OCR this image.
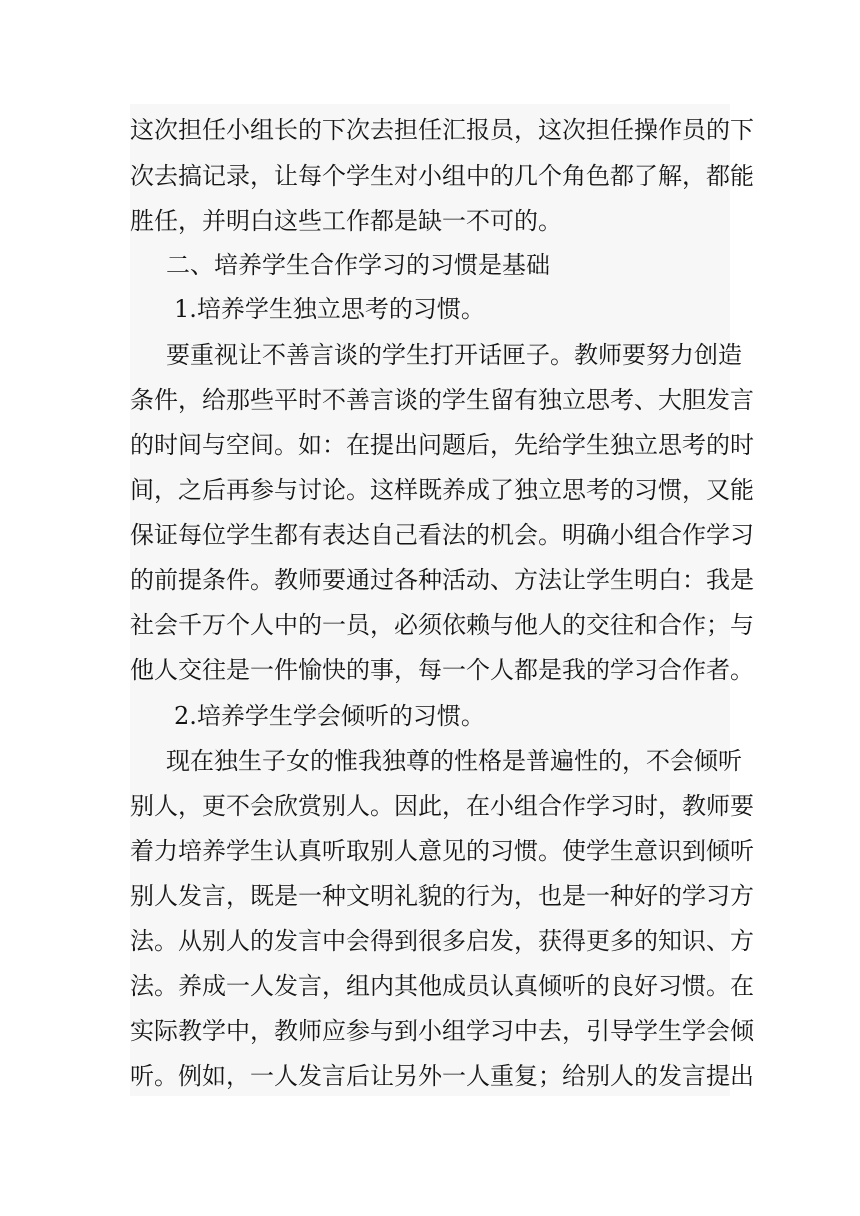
这次担任小组长的下次去担任汇报员，这次担任操作员的下
次去搞记录，让每个学生对小组中的几个角色都了解，都能
胜任，并明白这些工作都是缺一不可的。
二、培养学生合作学习的习惯是基础
1.培养学生独立思考的习惯。
要重视让不善言谈的学生打开话匣子。教师要努力创造
条件，给那些平时不善言谈的学生留有独立思考、大胆发言
的时间与空间。如：在提出问题后，先给学生独立思考的时
间，之后再参与讨论。这样既养成了独立思考的习惯，又能
保证每位学生都有表达自己看法的机会。明确小组合作学习
的前提条件。教师要通过各种活动、方法让学生明白：我是
社会千万个人中的一员，必须依赖与他人的交往和合作；与
他人交往是一件愉快的事，每一个人都是我的学习合作者。
2.培养学生学会倾听的习惯。
现在独生子女的惟我独尊的性格是普遍性的，不会倾听
别人，更不会欣赏别人。因此，在小组合作学习时，教师要
着力培养学生认真听取别人意见的习惯。使学生意识到倾听
别人发言，既是一种文明礼貌的行为，也是一种好的学习方
法。从别人的发言中会得到很多启发，获得更多的知识、方
法。养成一人发言，组内其他成员认真倾听的良好习惯。在
实际教学中，教师应参与到小组学习中去，引导学生学会倾
听。例如，一人发言后让另外一人重复；给别人的发言提出
